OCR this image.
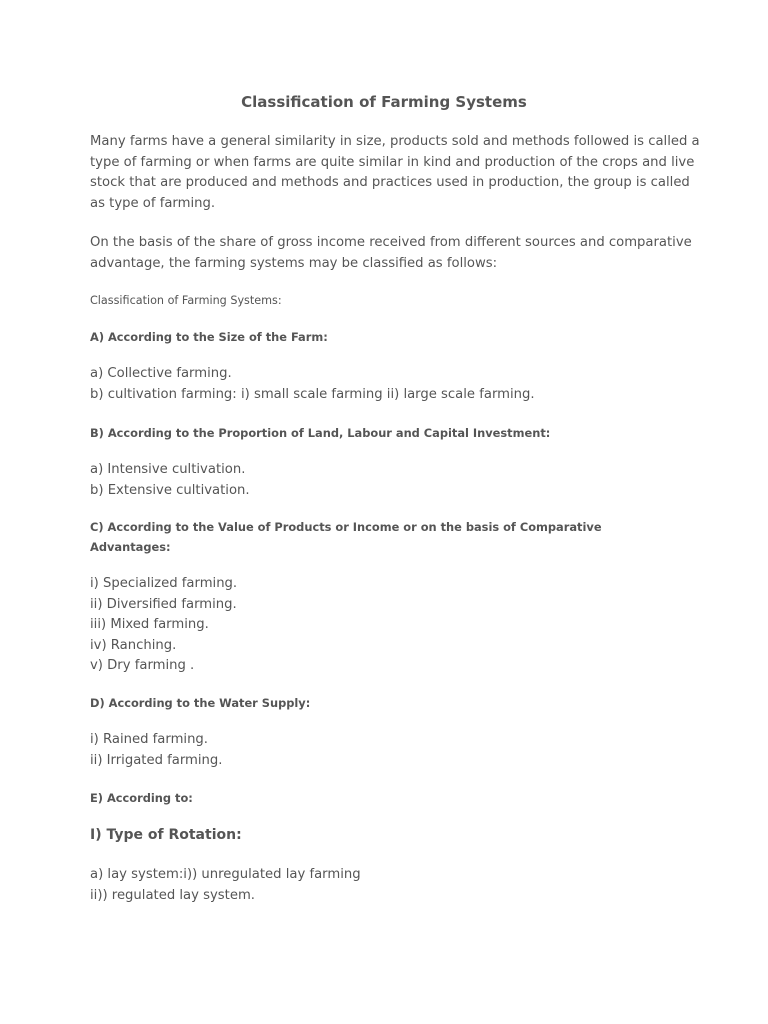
Classification of Farming Systems

Many farms have a general similarity in size, products sold and methods followed is called a
type of farming or when farms are quite similar in kind and production of the crops and live
stock that are produced and methods and practices used in production, the group is called
as type of farming.

On the basis of the share of gross income received from different sources and comparative
advantage, the farming systems may be classified as follows:

Classification of Farming Systems:

A) According to the Size of the Farm:

a) Collective farming.
b) cultivation farming: i) small scale farming ii) large scale farming.

B) According to the Proportion of Land, Labour and Capital Investment:

a) Intensive cultivation.
b) Extensive cultivation.

C) According to the Value of Products or Income or on the basis of Comparative
Advantages:

i) Specialized farming.
ii) Diversified farming.
iii) Mixed farming.
iv) Ranching.
v) Dry farming .

D) According to the Water Supply:

i) Rained farming.
ii) Irrigated farming.

E) According to:

I) Type of Rotation:

a) lay system:i)) unregulated lay farming
ii)) regulated lay system.
